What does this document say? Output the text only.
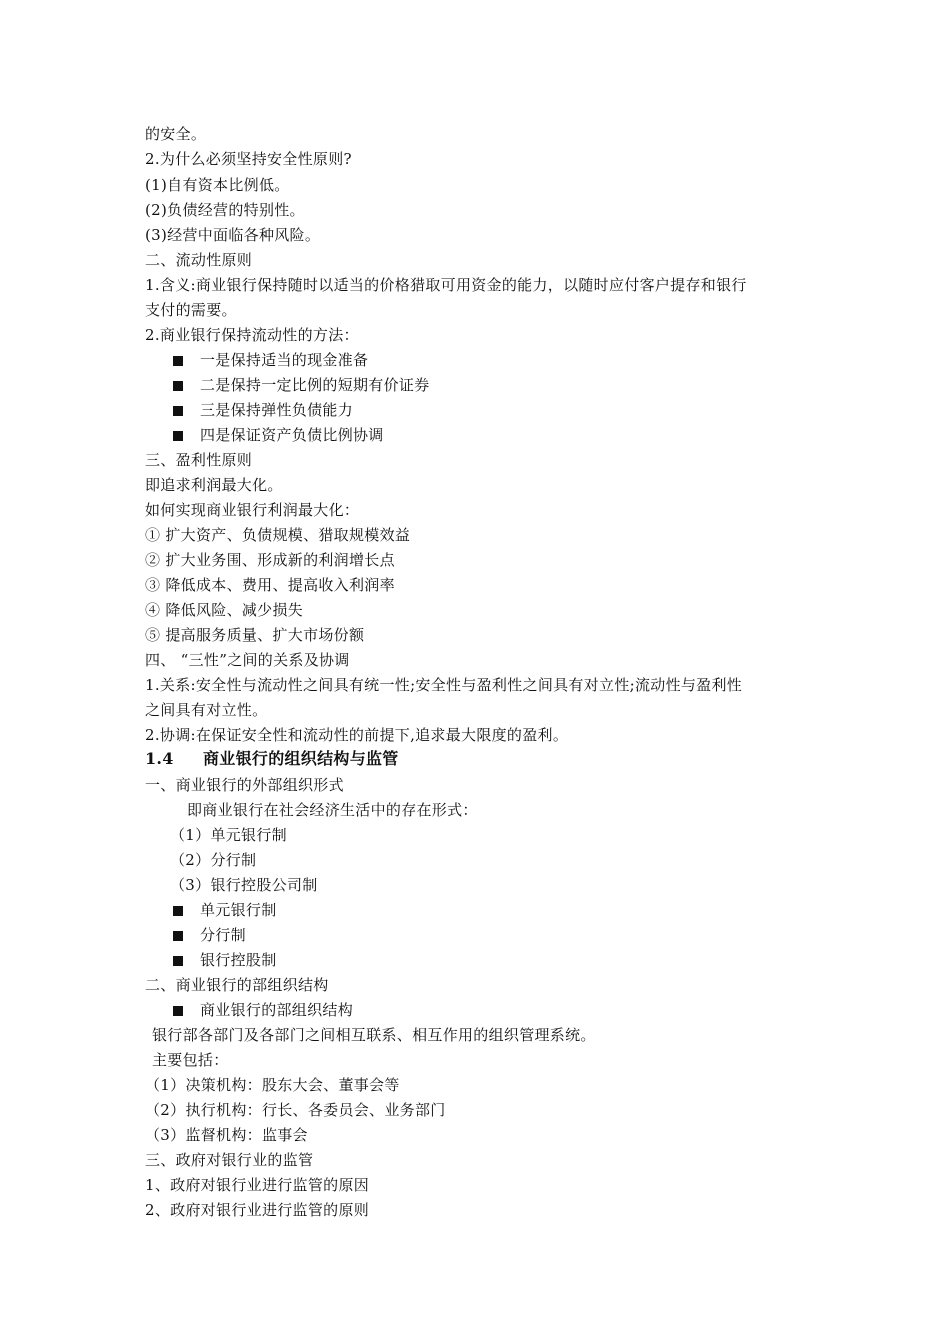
的安全。
2.为什么必须坚持安全性原则?
(1)自有资本比例低。
(2)负债经营的特别性。
(3)经营中面临各种风险。
二、流动性原则
1.含义:商业银行保持随时以适当的价格猎取可用资金的能力，以随时应付客户提存和银行
支付的需要。
2.商业银行保持流动性的方法：
一是保持适当的现金准备
二是保持一定比例的短期有价证券
三是保持弹性负债能力
四是保证资产负债比例协调
三、盈利性原则
即追求利润最大化。
如何实现商业银行利润最大化：
① 扩大资产、负债规模、猎取规模效益
② 扩大业务围、形成新的利润增长点
③ 降低成本、费用、提高收入利润率
④ 降低风险、减少损失
⑤ 提高服务质量、扩大市场份额
四、 “三性”之间的关系及协调
1.关系:安全性与流动性之间具有统一性;安全性与盈利性之间具有对立性;流动性与盈利性
之间具有对立性。
2.协调:在保证安全性和流动性的前提下,追求最大限度的盈利。
1.4 商业银行的组织结构与监管
一、商业银行的外部组织形式
即商业银行在社会经济生活中的存在形式：
（1）单元银行制
（2）分行制
（3）银行控股公司制
单元银行制
分行制
银行控股制
二、商业银行的部组织结构
商业银行的部组织结构
银行部各部门及各部门之间相互联系、相互作用的组织管理系统。
主要包括：
（1）决策机构：股东大会、董事会等
（2）执行机构：行长、各委员会、业务部门
（3）监督机构：监事会
三、政府对银行业的监管
1、政府对银行业进行监管的原因
2、政府对银行业进行监管的原则
